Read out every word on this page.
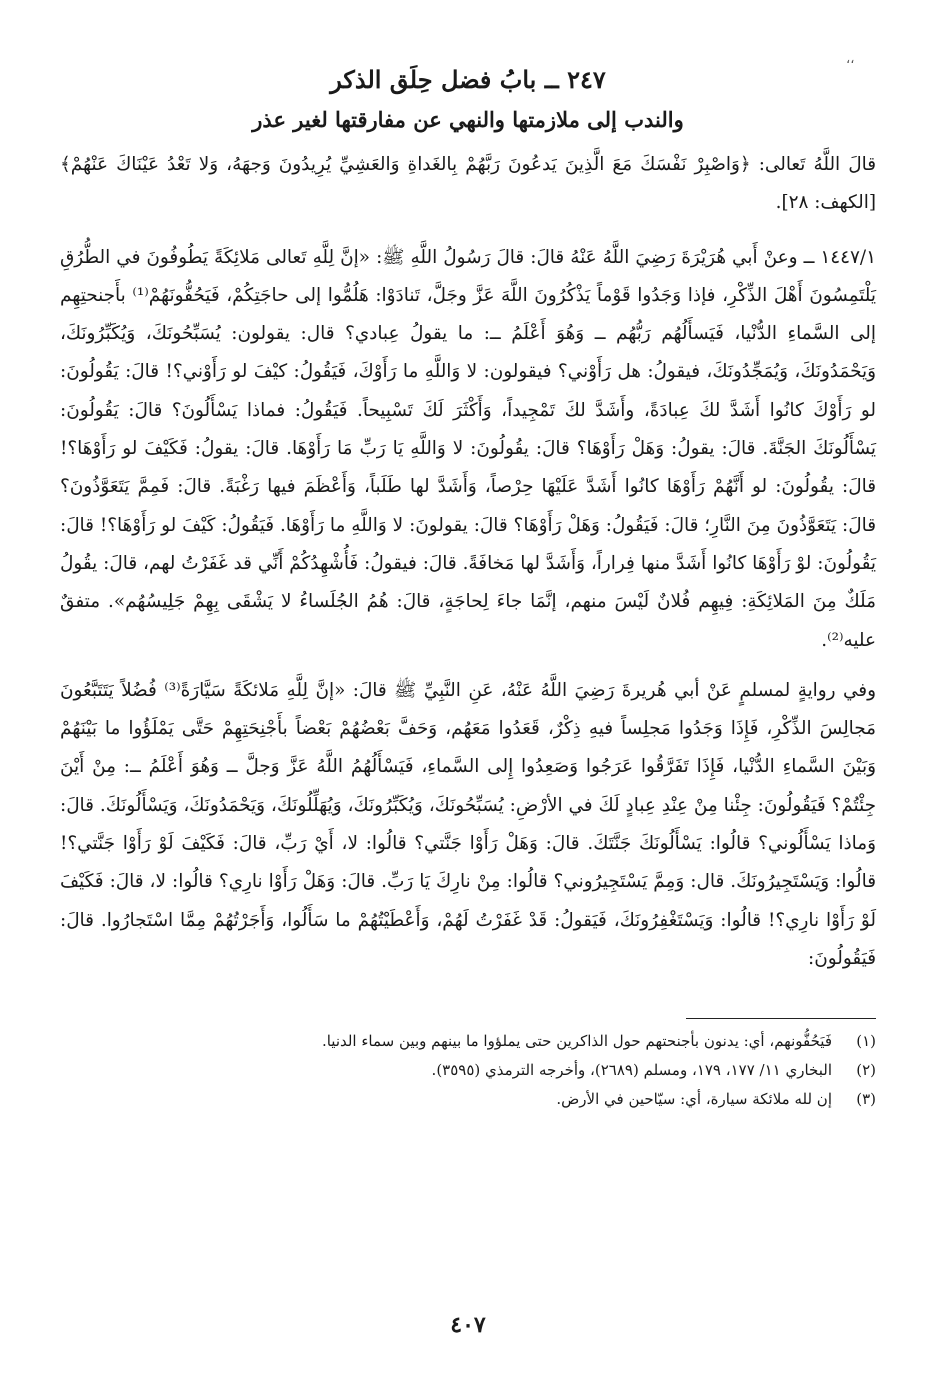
،،
٢٤٧ ــ بابُ فضل حِلَق الذكر
والندب إلى ملازمتها والنهي عن مفارقتها لغير عذر

قالَ اللَّهُ تَعالى: ﴿وَاصْبِرْ نَفْسَكَ مَعَ الَّذِينَ يَدعُونَ رَبَّهُمْ بِالغَداةِ وَالعَشِيِّ يُرِيدُونَ وَجهَهُ، وَلا تَعْدُ عَيْنَاكَ عَنْهُمْ﴾ [الكهف: ٢٨].

١٤٤٧/١ ــ وعنْ أَبي هُرَيْرَةَ رَضِيَ اللَّهُ عَنْهُ قالَ: قالَ رَسُولُ اللَّهِ ﷺ: «إنَّ لِلَّهِ تَعالى مَلائِكَةً يَطُوفُونَ في الطُّرُقِ يَلْتَمِسُونَ أَهْلَ الذِّكْرِ، فإذا وَجَدُوا قَوْماً يَذْكُرُونَ اللَّهَ عَزَّ وجَلَّ، تَنادَوْا: هَلُمُّوا إلى حاجَتِكُمْ، فَيَحُفُّونَهُمْ⁽¹⁾ بأَجنحتِهِم إلى السَّماءِ الدُّنْيا، فَيَسأَلُهُم رَبُّهُم ــ وَهُوَ أَعْلَمُ ــ: ما يقولُ عِبادي؟ قال: يقولون: يُسَبِّحُونَكَ، وَيُكَبِّرُونَكَ، وَيَحْمَدُونَكَ، وَيُمَجِّدُونَكَ، فيقولُ: هل رَأَوْني؟ فيقولون: لا وَاللَّهِ ما رَأَوْكَ، فَيَقُولُ: كيْفَ لو رَأَوْني؟! قالَ: يَقُولُونَ: لو رَأَوْكَ كانُوا أَشَدَّ لكَ عِبادَةً، وأَشَدَّ لكَ تَمْجِيداً، وَأَكْثَرَ لَكَ تَسْبِيحاً. فَيَقُولُ: فماذا يَسْأَلُونَ؟ قالَ: يَقُولُونَ: يَسْأَلُونَكَ الجَنَّةَ. قالَ: يقولُ: وَهَلْ رَأَوْهَا؟ قالَ: يقُولُونَ: لا وَاللَّهِ يَا رَبِّ مَا رَأَوْهَا. قالَ: يقولُ: فَكَيْفَ لو رَأَوْهَا؟! قالَ: يقُولُونَ: لو أَنَّهُمْ رَأَوْهَا كانُوا أَشَدَّ عَلَيْهَا حِرْصاً، وَأَشَدَّ لها طَلَباً، وَأَعْظَمَ فيها رَغْبَةً. قالَ: فَمِمَّ يَتَعَوَّذُونَ؟ قالَ: يَتَعَوَّذُونَ مِنَ النَّارِ؛ قالَ: فَيَقُولُ: وَهَلْ رَأَوْهَا؟ قالَ: يقولونَ: لا وَاللَّهِ ما رَأَوْهَا. فَيَقُولُ: كَيْفَ لو رَأَوْهَا؟! قالَ: يَقُولُونَ: لوْ رَأَوْهَا كانُوا أَشَدَّ منها فِراراً، وَأَشَدَّ لها مَخافَةً. قالَ: فيقولُ: فَأُشْهِدُكُمْ أَنِّي قد غَفَرْتُ لهم، قالَ: يقُولُ مَلَكٌ مِنَ المَلائِكَةِ: فِيهِم فُلانٌ لَيْسَ منهم، إنَّمَا جاءَ لِحاجَةٍ، قالَ: هُمُ الجُلَساءُ لا يَشْقَى بِهِمْ جَلِيسُهُم». متفقٌ عليه⁽²⁾.

وفي روايةٍ لمسلمٍ عَنْ أبي هُريرةَ رَضِيَ اللَّهُ عَنْهُ، عَنِ النَّبِيِّ ﷺ قالَ: «إنَّ لِلَّهِ مَلائكَةً سَيَّارَةً⁽³⁾ فُضُلاً يَتَتَبَّعُونَ مَجالِسَ الذِّكْرِ، فَإِذَا وَجَدُوا مَجلِساً فيهِ ذِكْرٌ، قَعَدُوا مَعَهُم، وَحَفَّ بَعْضُهُمْ بَعْضاً بأَجْنِحَتِهِمْ حَتَّى يَمْلَؤُوا ما بَيْنَهُمْ وَبَيْنَ السَّماءِ الدُّنْيا، فَإِذَا تَفَرَّقُوا عَرَجُوا وَصَعِدُوا إِلى السَّماءِ، فَيَسْأَلُهُمُ اللَّهُ عَزَّ وَجلَّ ــ وَهُوَ أَعْلَمُ ــ: مِنْ أَيْنَ جِئْتُمْ؟ فَيَقُولُونَ: جِئْنا مِنْ عِنْدِ عِبادٍ لَكَ في الأرْضِ: يُسَبِّحُونَكَ، وَيُكَبِّرُونَكَ، وَيُهَلِّلُونَكَ، وَيَحْمَدُونَكَ، وَيَسْأَلُونَكَ. قالَ: وَماذا يَسْأَلُوني؟ قالُوا: يَسْأَلُونَكَ جَنَّتَكَ. قالَ: وَهَلْ رَأَوْا جَنَّتي؟ قالُوا: لا، أَيْ رَبِّ، قالَ: فَكَيْفَ لَوْ رَأَوْا جَنَّتي؟! قالُوا: وَيَسْتَجِيرُونَكَ. قال: وَمِمَّ يَسْتَجِيرُوني؟ قالُوا: مِنْ نارِكَ يَا رَبِّ. قالَ: وَهَلْ رَأَوْا نارِي؟ قالُوا: لا، قالَ: فَكَيْفَ لَوْ رَأَوْا نارِي؟! قالُوا: وَيَسْتَغْفِرُونَكَ، فَيَقولُ: قَدْ غَفَرْتُ لَهُمْ، وَأَعْطَيْتُهُمْ ما سَأَلُوا، وَأَجَرْتُهُمْ مِمَّا اسْتَجارُوا. قالَ: فَيَقُولُونَ:

(١)
فَيَحُفُّونهم، أي: يدنون بأجنحتهم حول الذاكرين حتى يملؤوا ما بينهم وبين سماء الدنيا.
(٢)
البخاري ١١/ ١٧٧، ١٧٩، ومسلم (٢٦٨٩)، وأخرجه الترمذي (٣٥٩٥).
(٣)
إن لله ملائكة سيارة، أي: سيّاحين في الأرض.
٤٠٧
